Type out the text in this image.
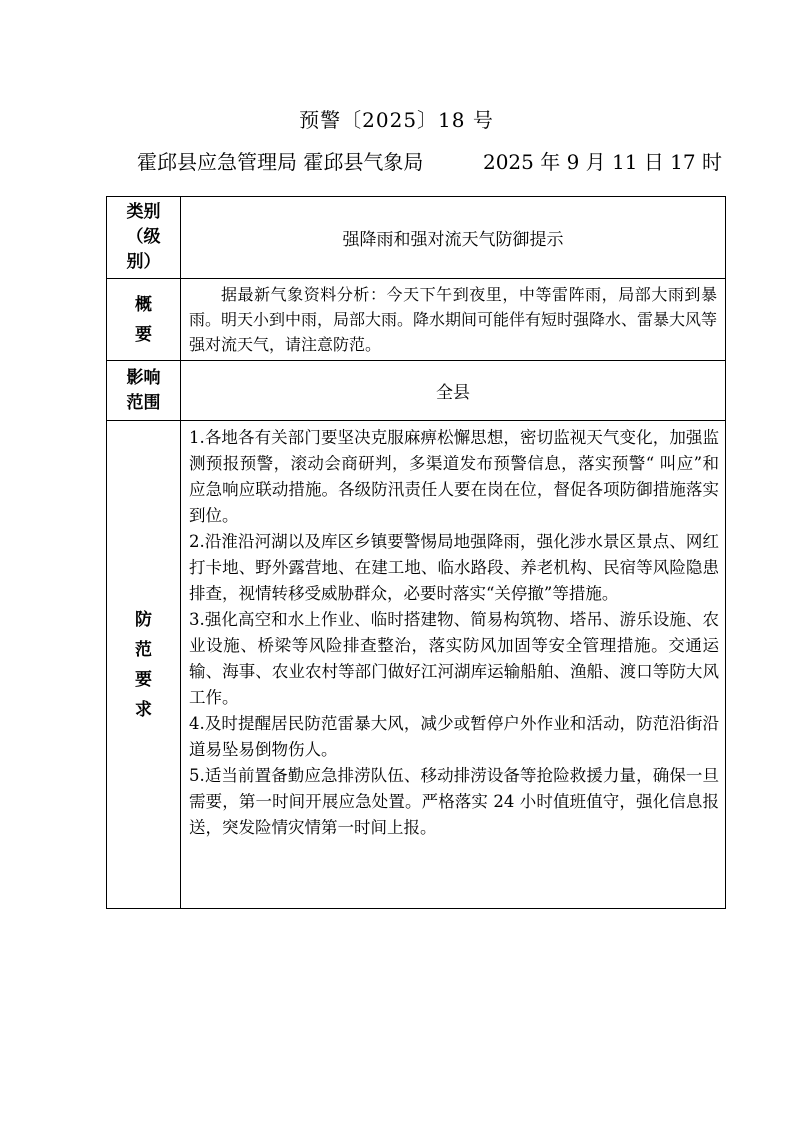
预警〔2025〕18 号
霍邱县应急管理局 霍邱县气象局	2025 年 9 月 11 日 17 时
类别（级别）	强降雨和强对流天气防御提示
概要	据最新气象资料分析：今天下午到夜里，中等雷阵雨，局部大雨到暴雨。明天小到中雨，局部大雨。降水期间可能伴有短时强降水、雷暴大风等强对流天气，请注意防范。

影响范围	全县
防范要求	1.各地各有关部门要坚决克服麻痹松懈思想，密切监视天气变化，加强监测预报预警，滚动会商研判，多渠道发布预警信息，落实预警“ 叫应”和应急响应联动措施。各级防汛责任人要在岗在位，督促各项防御措施落实到位。

2.沿淮沿河湖以及库区乡镇要警惕局地强降雨，强化涉水景区景点、网红打卡地、野外露营地、在建工地、临水路段、养老机构、民宿等风险隐患排查，视情转移受威胁群众，必要时落实“关停撤”等措施。

3.强化高空和水上作业、临时搭建物、简易构筑物、塔吊、游乐设施、农业设施、桥梁等风险排查整治，落实防风加固等安全管理措施。交通运输、海事、农业农村等部门做好江河湖库运输船舶、渔船、渡口等防大风工作。

4.及时提醒居民防范雷暴大风，减少或暂停户外作业和活动，防范沿街沿道易坠易倒物伤人。

5.适当前置备勤应急排涝队伍、移动排涝设备等抢险救援力量，确保一旦需要，第一时间开展应急处置。严格落实 24 小时值班值守，强化信息报送，突发险情灾情第一时间上报。
